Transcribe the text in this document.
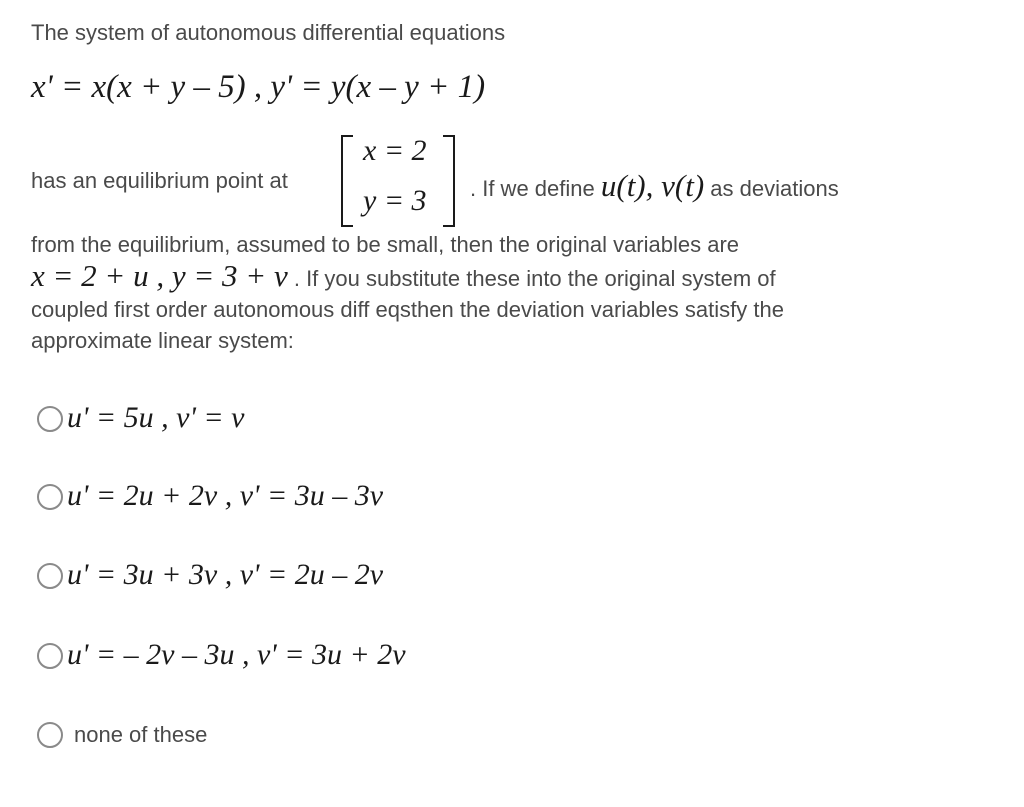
The system of autonomous differential equations
x' = x(x + y – 5) , y' = y(x – y + 1)
has an equilibrium point at
x = 2
y = 3 . If we define u(t), v(t) as deviations
from the equilibrium, assumed to be small, then the original variables are
x = 2 + u , y = 3 + v . If you substitute these into the original system of
coupled first order autonomous diff eqsthen the deviation variables satisfy the
approximate linear system:
u' = 5u , v' = v
u' = 2u + 2v , v' = 3u – 3v
u' = 3u + 3v , v' = 2u – 2v
u' = – 2v – 3u , v' = 3u + 2v
none of these
